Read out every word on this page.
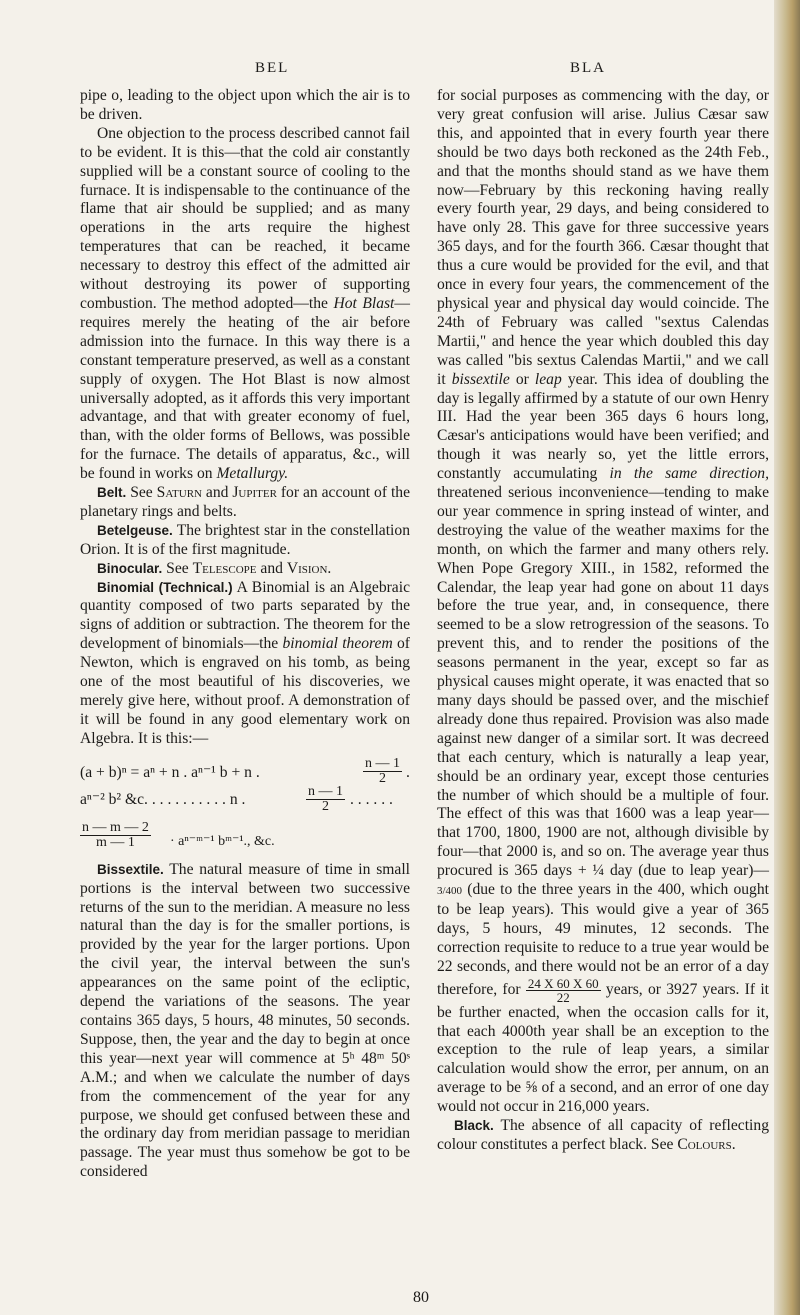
BEL	BLA

pipe o, leading to the object upon which the air is to be driven.

One objection to the process described cannot fail to be evident. It is this—that the cold air constantly supplied will be a constant source of cooling to the furnace. It is indispensable to the continuance of the flame that air should be supplied; and as many operations in the arts require the highest temperatures that can be reached, it became necessary to destroy this effect of the admitted air without destroying its power of supporting combustion. The method adopted—the Hot Blast—requires merely the heating of the air before admission into the furnace. In this way there is a constant temperature preserved, as well as a constant supply of oxygen. The Hot Blast is now almost universally adopted, as it affords this very important advantage, and that with greater economy of fuel, than, with the older forms of Bellows, was possible for the furnace. The details of apparatus, &c., will be found in works on Metallurgy.

Belt. See Saturn and Jupiter for an account of the planetary rings and belts.

Betelgeuse. The brightest star in the constellation Orion. It is of the first magnitude.

Binocular. See Telescope and Vision.

Binomial (Technical.) A Binomial is an Algebraic quantity composed of two parts separated by the signs of addition or subtraction. The theorem for the development of binomials—the binomial theorem of Newton, which is engraved on his tomb, as being one of the most beautiful of his discoveries, we merely give here, without proof. A demonstration of it will be found in any good elementary work on Algebra. It is this:—

(a + b)ⁿ = aⁿ + n . aⁿ⁻¹ b + n .	$\frac{n — 1}{2}$ .
aⁿ⁻² b² &c. . . . . . . . . . . n .	$\frac{n — 1}{2}$ . . . . . .
$\frac{n — m — 2}{m — 1}$ · aⁿ⁻ᵐ⁻¹ bᵐ⁻¹., &c.

Bissextile. The natural measure of time in small portions is the interval between two successive returns of the sun to the meridian. A measure no less natural than the day is for the smaller portions, is provided by the year for the larger portions. Upon the civil year, the interval between the sun's appearances on the same point of the ecliptic, depend the variations of the seasons. The year contains 365 days, 5 hours, 48 minutes, 50 seconds. Suppose, then, the year and the day to begin at once this year—next year will commence at 5ʰ 48ᵐ 50ˢ A.M.; and when we calculate the number of days from the commencement of the year for any purpose, we should get confused between these and the ordinary day from meridian passage to meridian passage. The year must thus somehow be got to be considered

for social purposes as commencing with the day, or very great confusion will arise. Julius Cæsar saw this, and appointed that in every fourth year there should be two days both reckoned as the 24th Feb., and that the months should stand as we have them now—February by this reckoning having really every fourth year, 29 days, and being considered to have only 28. This gave for three successive years 365 days, and for the fourth 366. Cæsar thought that thus a cure would be provided for the evil, and that once in every four years, the commencement of the physical year and physical day would coincide. The 24th of February was called "sextus Calendas Martii," and hence the year which doubled this day was called "bis sextus Calendas Martii," and we call it bissextile or leap year. This idea of doubling the day is legally affirmed by a statute of our own Henry III. Had the year been 365 days 6 hours long, Cæsar's anticipations would have been verified; and though it was nearly so, yet the little errors, constantly accumulating in the same direction, threatened serious inconvenience—tending to make our year commence in spring instead of winter, and destroying the value of the weather maxims for the month, on which the farmer and many others rely. When Pope Gregory XIII., in 1582, reformed the Calendar, the leap year had gone on about 11 days before the true year, and, in consequence, there seemed to be a slow retrogression of the seasons. To prevent this, and to render the positions of the seasons permanent in the year, except so far as physical causes might operate, it was enacted that so many days should be passed over, and the mischief already done thus repaired. Provision was also made against new danger of a similar sort. It was decreed that each century, which is naturally a leap year, should be an ordinary year, except those centuries the number of which should be a multiple of four. The effect of this was that 1600 was a leap year—that 1700, 1800, 1900 are not, although divisible by four—that 2000 is, and so on. The average year thus procured is 365 days + ¼ day (due to leap year)—3/400 (due to the three years in the 400, which ought to be leap years). This would give a year of 365 days, 5 hours, 49 minutes, 12 seconds. The correction requisite to reduce to a true year would be 22 seconds, and there would not be an error of a day therefore, for $\frac{24 X 60 X 60}{22}$ years, or 3927 years. If it be further enacted, when the occasion calls for it, that each 4000th year shall be an exception to the exception to the rule of leap years, a similar calculation would show the error, per annum, on an average to be ⅝ of a second, and an error of one day would not occur in 216,000 years.

Black. The absence of all capacity of reflecting colour constitutes a perfect black. See Colours.

80
